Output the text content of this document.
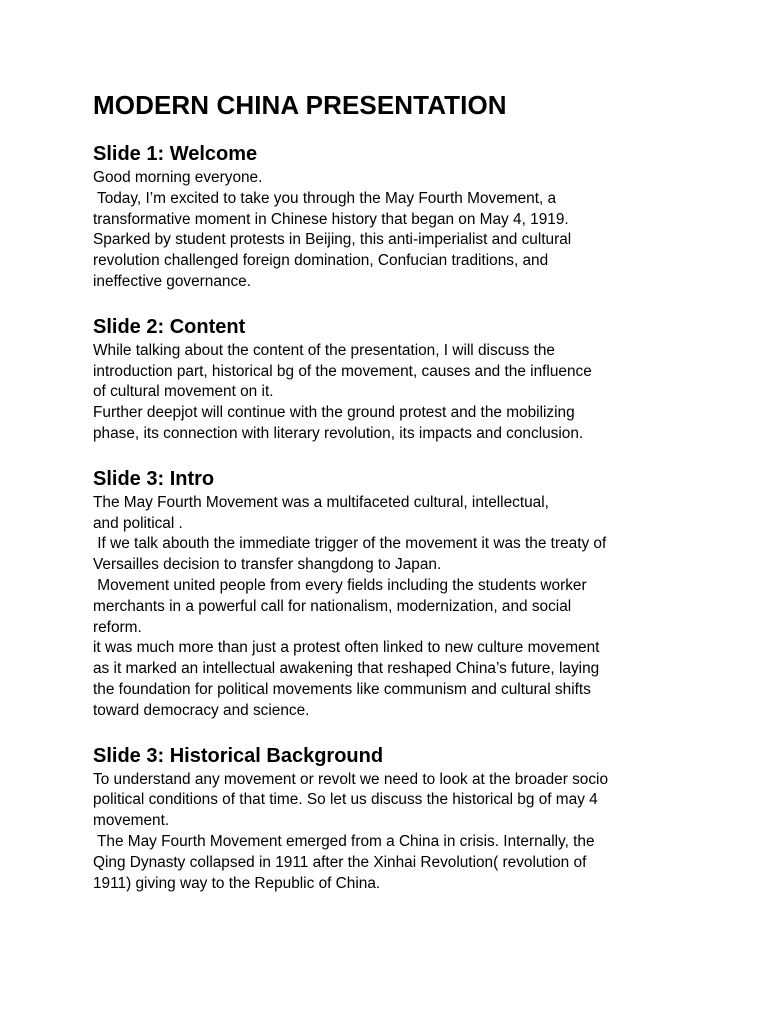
MODERN CHINA PRESENTATION
Slide 1: Welcome
Good morning everyone.
Today, I’m excited to take you through the May Fourth Movement, a
transformative moment in Chinese history that began on May 4, 1919.
Sparked by student protests in Beijing, this anti-imperialist and cultural
revolution challenged foreign domination, Confucian traditions, and
ineffective governance.
Slide 2: Content
While talking about the content of the presentation, I will discuss the
introduction part, historical bg of the movement, causes and the influence
of cultural movement on it.
Further deepjot will continue with the ground protest and the mobilizing
phase, its connection with literary revolution, its impacts and conclusion.
Slide 3: Intro
The May Fourth Movement was a multifaceted cultural, intellectual,
and political .
If we talk abouth the immediate trigger of the movement it was the treaty of
Versailles decision to transfer shangdong to Japan.
Movement united people from every fields including the students worker
merchants in a powerful call for nationalism, modernization, and social
reform.
it was much more than just a protest often linked to new culture movement
as it marked an intellectual awakening that reshaped China’s future, laying
the foundation for political movements like communism and cultural shifts
toward democracy and science.
Slide 3: Historical Background
To understand any movement or revolt we need to look at the broader socio
political conditions of that time. So let us discuss the historical bg of may 4
movement.
The May Fourth Movement emerged from a China in crisis. Internally, the
Qing Dynasty collapsed in 1911 after the Xinhai Revolution( revolution of
1911) giving way to the Republic of China.
